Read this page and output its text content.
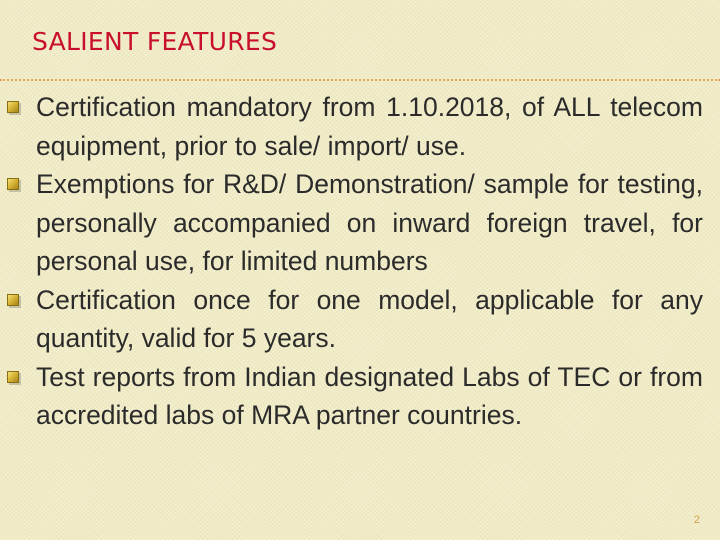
SALIENT FEATURES
Certification mandatory from 1.10.2018, of ALL telecom equipment, prior to sale/ import/ use.
Exemptions for R&D/ Demonstration/ sample for testing, personally accompanied on inward foreign travel, for personal use, for limited numbers
Certification once for one model, applicable for any quantity, valid for 5 years.
Test reports from Indian designated Labs of TEC or from accredited labs of MRA partner countries.
2
